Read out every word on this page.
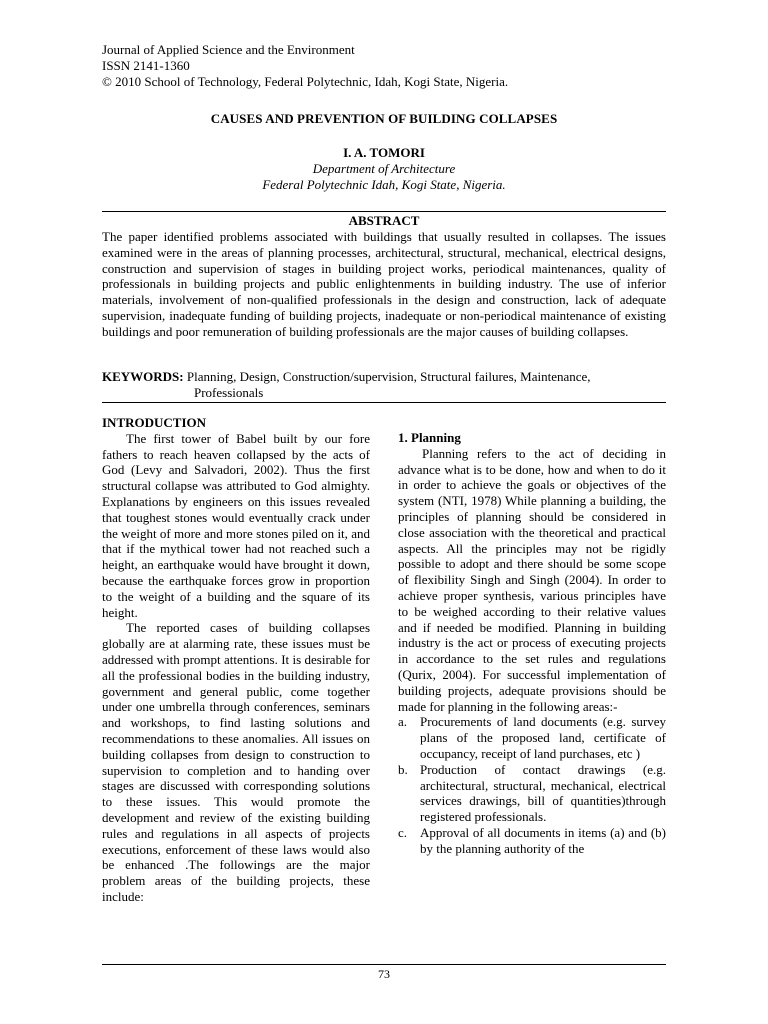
Journal of Applied Science and the Environment
ISSN 2141-1360
© 2010 School of Technology, Federal Polytechnic, Idah, Kogi State, Nigeria.
CAUSES AND PREVENTION OF BUILDING COLLAPSES
I. A. TOMORI
Department of Architecture
Federal Polytechnic Idah, Kogi State, Nigeria.
ABSTRACT
The paper identified problems associated with buildings that usually resulted in collapses. The issues examined were in the areas of planning processes, architectural, structural, mechanical, electrical designs, construction and supervision of stages in building project works, periodical maintenances, quality of professionals in building projects and public enlightenments in building industry. The use of inferior materials, involvement of non-qualified professionals in the design and construction, lack of adequate supervision, inadequate funding of building projects, inadequate or non-periodical maintenance of existing buildings and poor remuneration of building professionals are the major causes of building collapses.
KEYWORDS: Planning, Design, Construction/supervision, Structural failures, Maintenance,
Professionals
INTRODUCTION

The first tower of Babel built by our fore fathers to reach heaven collapsed by the acts of God (Levy and Salvadori, 2002). Thus the first structural collapse was attributed to God almighty. Explanations by engineers on this issues revealed that toughest stones would eventually crack under the weight of more and more stones piled on it, and that if the mythical tower had not reached such a height, an earthquake would have brought it down, because the earthquake forces grow in proportion to the weight of a building and the square of its height.

The reported cases of building collapses globally are at alarming rate, these issues must be addressed with prompt attentions. It is desirable for all the professional bodies in the building industry, government and general public, come together under one umbrella through conferences, seminars and workshops, to find lasting solutions and recommendations to these anomalies. All issues on building collapses from design to construction to supervision to completion and to handing over stages are discussed with corresponding solutions to these issues. This would promote the development and review of the existing building rules and regulations in all aspects of projects executions, enforcement of these laws would also be enhanced .The followings are the major problem areas of the building projects, these include:

1. Planning

Planning refers to the act of deciding in advance what is to be done, how and when to do it in order to achieve the goals or objectives of the system (NTI, 1978) While planning a building, the principles of planning should be considered in close association with the theoretical and practical aspects. All the principles may not be rigidly possible to adopt and there should be some scope of flexibility Singh and Singh (2004). In order to achieve proper synthesis, various principles have to be weighed according to their relative values and if needed be modified. Planning in building industry is the act or process of executing projects in accordance to the set rules and regulations (Qurix, 2004). For successful implementation of building projects, adequate provisions should be made for planning in the following areas:-

a. Procurements of land documents (e.g. survey plans of the proposed land, certificate of occupancy, receipt of land purchases, etc )
b. Production of contact drawings (e.g. architectural, structural, mechanical, electrical services drawings, bill of quantities)through registered professionals.
c. Approval of all documents in items (a) and (b) by the planning authority of the
73
